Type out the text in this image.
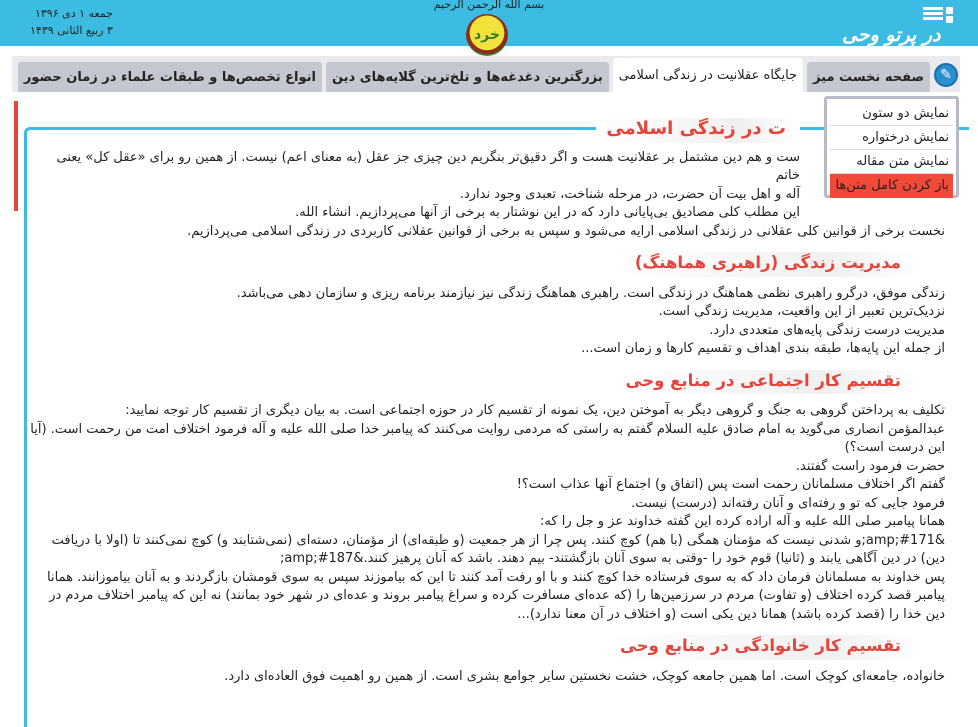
بسم الله الرحمن الرحیم
جمعه ۱ دی ۱۳۹۶
۳ ربیع الثانی ۱۴۳۹	در پرتو وحی
خرد
✎
صفحه نخست میز
جایگاه عقلانیت در زندگی اسلامی
بزرگترین دغدغه‌ها و تلخ‌ترین گلایه‌های دین
انواع تخصص‌ها و طبقات علماء در زمان حضور
ت در زندگی اسلامی

ست و هم دین مشتمل بر عقلانیت هست و اگر دقیق‌تر بنگریم دین چیزی جز عقل (به معنای اعم) نیست. از همین رو برای «عقل کل» یعنی خاتم

آله و اهل بیت آن حضرت، در مرحله شناخت، تعبدی وجود ندارد.

این مطلب کلی مصادیق بی‌پایانی دارد که در این نوشتار به برخی از آنها می‌پردازیم. انشاء الله.

نخست برخی از قوانین کلی عقلانی در زندگی اسلامی ارایه می‌شود و سپس به برخی از قوانین عقلانی کاربردی در زندگی اسلامی می‌پردازیم.

مدیریت زندگی (راهبری هماهنگ)

زندگی موفق، درگرو راهبری نظمی هماهنگ در زندگی است. راهبری هماهنگ زندگی نیز نیازمند برنامه ریزی و سازمان دهی می‌باشد.

نزدیک‌ترین تعبیر از این واقعیت، مدیریت زندگی است.

مدیریت درست زندگی پایه‌های متعددی دارد.

از جمله این پایه‌ها، طبقه بندی اهداف و تقسیم کارها و زمان است...

تقسیم کار اجتماعی در منابع وحی

تکلیف به پرداختن گروهی به جنگ و گروهی دیگر به آموختن دین، یک نمونه از تقسیم کار در حوزه اجتماعی است. به بیان دیگری از تقسیم کار توجه نمایید:

عبدالمؤمن انصاری می‌گوید به امام صادق علیه السلام گفتم به راستی که مردمی روایت می‌کنند که پیامبر خدا صلی الله علیه و آله فرمود اختلاف امت من رحمت است. (آیا این درست است؟)

حضرت فرمود راست گفتند.

گفتم اگر اختلاف مسلمانان رحمت است پس (اتفاق و) اجتماع آنها عذاب است؟!

فرمود جایی که تو و رفته‌ای و آنان رفته‌اند (درست) نیست.

همانا پیامبر صلی الله علیه و آله اراده کرده این گفته خداوند عز و جل را که:

&amp;#171;و شدنی نیست که مؤمنان همگی (با هم) کوچ کنند. پس چرا از هر جمعیت (و طبقه‌ای) از مؤمنان، دسته‌ای (نمی‌شتابند و) کوچ نمی‌کنند تا (اولا با دریافت دین) در دین آگاهی یابند و (ثانیا) قوم خود را -وقتی به سوی آنان بازگشتند- بیم دهند. باشد که آنان پرهیز کنند.&amp;#187;

پس خداوند به مسلمانان فرمان داد که به سوی فرستاده خدا کوچ کنند و با او رفت آمد کنند تا این که بیاموزند سپس به سوی قومشان بازگردند و به آنان بیاموزانند. همانا پیامبر قصد کرده اختلاف (و تفاوت) مردم در سرزمین‌ها را (که عده‌ای مسافرت کرده و سراغ پیامبر بروند و عده‌ای در شهر خود بمانند) نه این که پیامبر اختلاف مردم در دین خدا را (قصد کرده باشد) همانا دین یکی است (و اختلاف در آن معنا ندارد)...

تقسیم کار خانوادگی در منابع وحی

خانواده، جامعه‌ای کوچک است. اما همین جامعه کوچک، خشت نخستین سایر جوامع بشری است. از همین رو اهمیت فوق العاده‌ای دارد.

نمایش دو ستون
نمایش درختواره
نمایش متن مقاله
باز کردن کامل متن‌ها
